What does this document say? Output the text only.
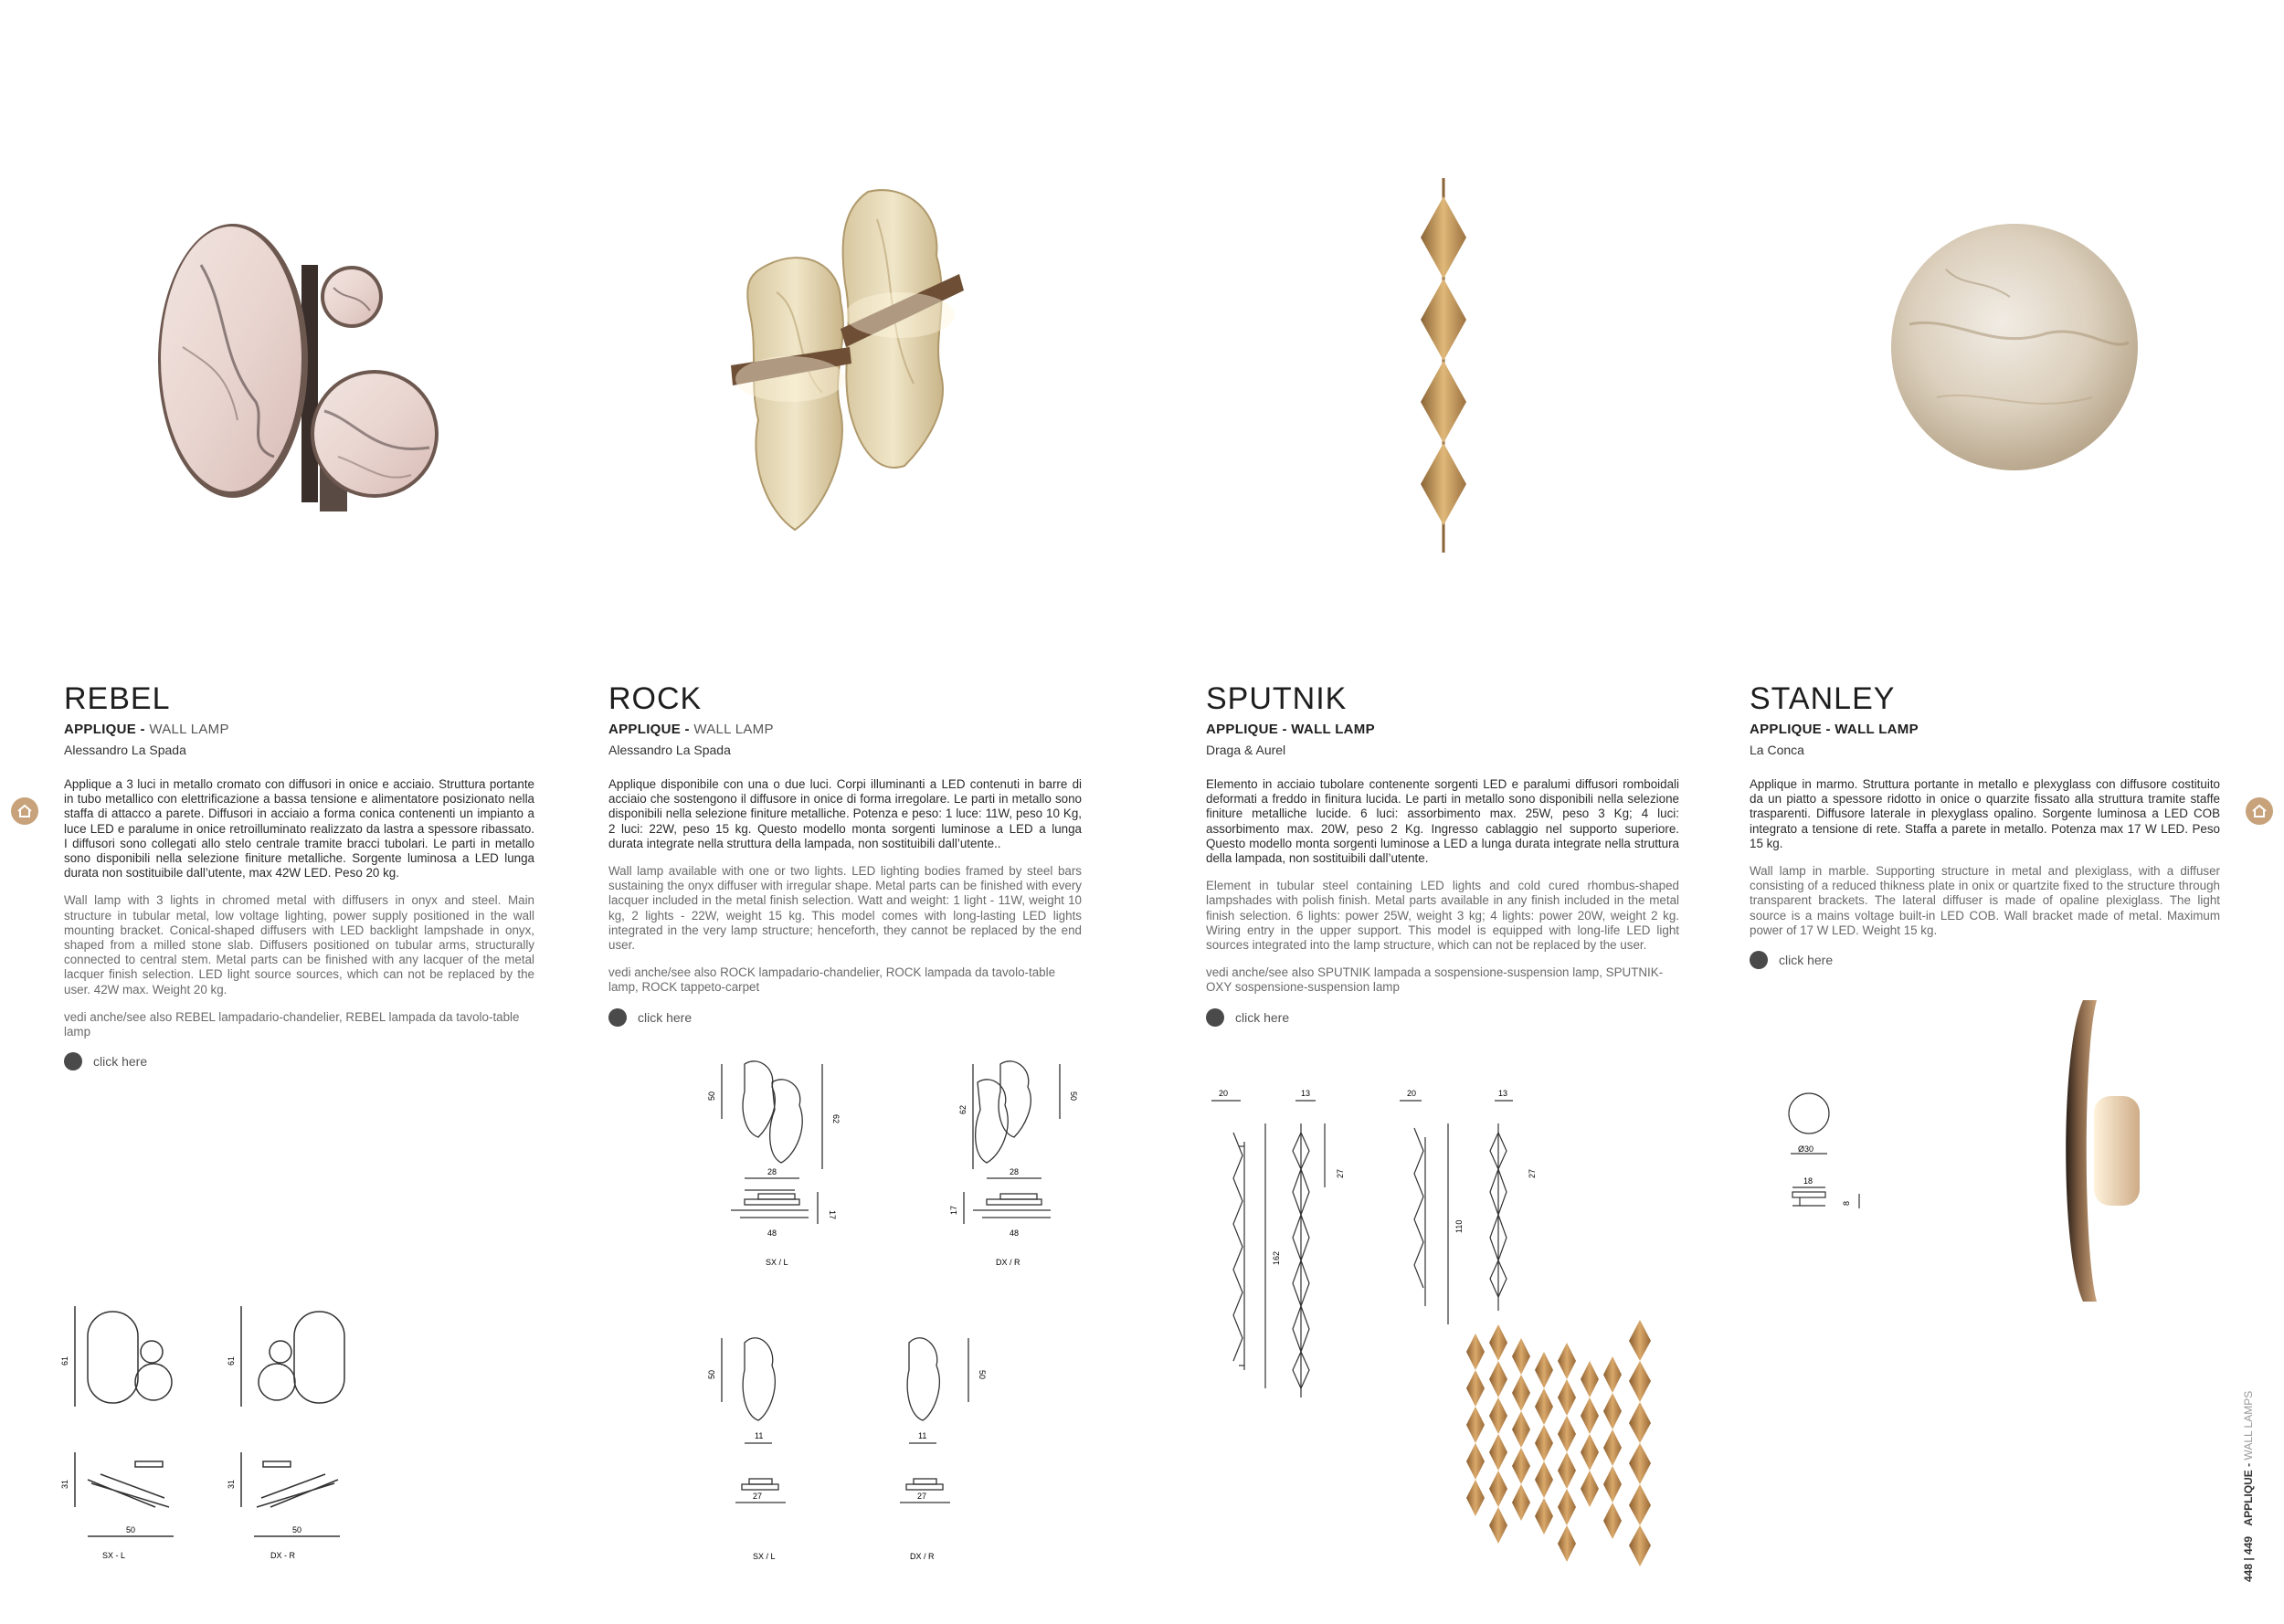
REBEL
APPLIQUE - WALL LAMP
Alessandro La Spada

Applique a 3 luci in metallo cromato con diffusori in onice e acciaio. Struttura portante in tubo metallico con elettrificazione a bassa tensione e alimentatore posizionato nella staffa di attacco a parete. Diffusori in acciaio a forma conica contenenti un impianto a luce LED e paralume in onice retroilluminato realizzato da lastra a spessore ribassato. I diffusori sono collegati allo stelo centrale tramite bracci tubolari. Le parti in metallo sono disponibili nella selezione finiture metalliche. Sorgente luminosa a LED lunga durata non sostituibile dall’utente, max 42W LED. Peso 20 kg.

Wall lamp with 3 lights in chromed metal with diffusers in onyx and steel. Main structure in tubular metal, low voltage lighting, power supply positioned in the wall mounting bracket. Conical-shaped diffusers with LED backlight lampshade in onyx, shaped from a milled stone slab. Diffusers positioned on tubular arms, structurally connected to central stem. Metal parts can be finished with any lacquer of the metal lacquer finish selection. LED light source sources, which can not be replaced by the user. 42W max. Weight 20 kg.

vedi anche/see also REBEL lampadario-chandelier, REBEL lampada da tavolo-table lamp

click here
61	61
31	31
50	50
SX - L	DX - R
ROCK
APPLIQUE - WALL LAMP
Alessandro La Spada

Applique disponibile con una o due luci. Corpi illuminanti a LED contenuti in barre di acciaio che sostengono il diffusore in onice di forma irregolare. Le parti in metallo sono disponibili nella selezione finiture metalliche. Potenza e peso: 1 luce: 11W, peso 10 Kg, 2 luci: 22W, peso 15 kg. Questo modello monta sorgenti luminose a LED a lunga durata integrate nella struttura della lampada, non sostituibili dall’utente..

Wall lamp available with one or two lights. LED lighting bodies framed by steel bars sustaining the onyx diffuser with irregular shape. Metal parts can be finished with every lacquer included in the metal finish selection. Watt and weight: 1 light - 11W, weight 10 kg, 2 lights - 22W, weight 15 kg. This model comes with long-lasting LED lights integrated in the very lamp structure; henceforth, they cannot be replaced by the end user.

vedi anche/see also ROCK lampadario-chandelier, ROCK lampada da tavolo-table lamp, ROCK tappeto-carpet

click here
50
62
62
50
28	28
17
17
48	48
SX / L	DX / R
50	50
11	11
27	27
SX / L	DX / R
SPUTNIK
APPLIQUE - WALL LAMP
Draga & Aurel

Elemento in acciaio tubolare contenente sorgenti LED e paralumi diffusori romboidali deformati a freddo in finitura lucida. Le parti in metallo sono disponibili nella selezione finiture metalliche lucide. 6 luci: assorbimento max. 25W, peso 3 Kg; 4 luci: assorbimento max. 20W, peso 2 Kg. Ingresso cablaggio nel supporto superiore. Questo modello monta sorgenti luminose a LED a lunga durata integrate nella struttura della lampada, non sostituibili dall’utente.

Element in tubular steel containing LED lights and cold cured rhombus-shaped lampshades with polish finish. Metal parts available in any finish included in the metal finish selection. 6 lights: power 25W, weight 3 kg; 4 lights: power 20W, weight 2 kg. Wiring entry in the upper support. This model is equipped with long-life LED light sources integrated into the lamp structure, which can not be replaced by the user.

vedi anche/see also SPUTNIK lampada a sospensione-suspension lamp, SPUTNIK-OXY sospensione-suspension lamp

click here
20	13
162
27
20	13
110
27
STANLEY
APPLIQUE - WALL LAMP
La Conca

Applique in marmo. Struttura portante in metallo e plexyglass con diffusore costituito da un piatto a spessore ridotto in onice o quarzite fissato alla struttura tramite staffe trasparenti. Diffusore laterale in plexyglass opalino. Sorgente luminosa a LED COB integrato a tensione di rete. Staffa a parete in metallo. Potenza max 17 W LED. Peso 15 kg.

Wall lamp in marble. Supporting structure in metal and plexiglass, with a diffuser consisting of a reduced thikness plate in onix or quartzite fixed to the structure through transparent brackets. The lateral diffuser is made of opaline plexiglass. The light source is a mains voltage built-in LED COB. Wall bracket made of metal. Maximum power of 17 W LED. Weight 15 kg.

click here
Ø30
18
8
448 | 449 APPLIQUE - WALL LAMPS
